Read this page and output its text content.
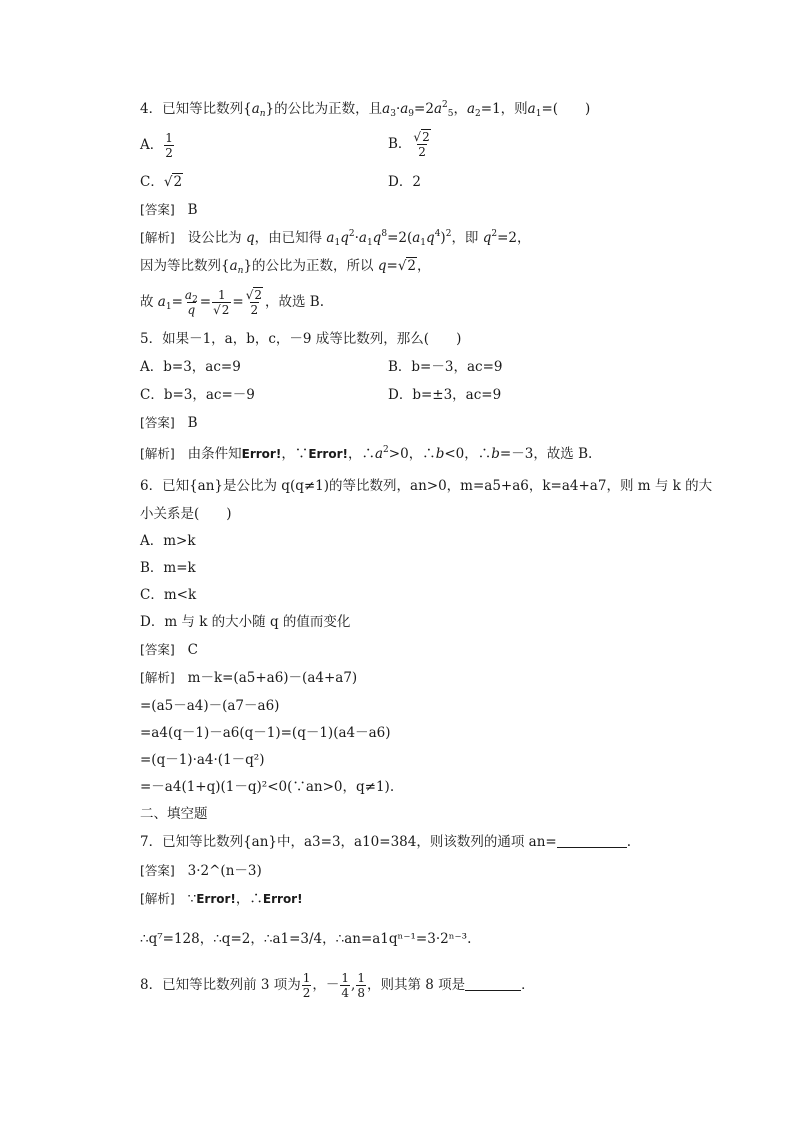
4．已知等比数列$\{a_n\}$的公比为正数，且$a_3\cdot a_9=2a^2_5$，$a_2=1$，则$a_1=$(　　)
A． $\frac{1}{2}$	B． $\frac{√2}{2}$
C．√2	D．2
[答案] B
[解析] 设公比为 q，由已知得 $a_1q^2\cdot a_1q^8=2(a_1q^4)^2$，即 $q^2=2$，
因为等比数列$\{a_n\}$的公比为正数，所以 q=√2，
故 $a_1= \frac{a_2}{q} = \frac{1}{√2} = \frac{√2}{2}$ ，故选 B.
5．如果－1，a，b，c，－9 成等比数列，那么(　　)
A．b=3，ac=9	B．b=－3，ac=9
C．b=3，ac=－9	D．b=±3，ac=9
[答案] B
[解析] 由条件知Error!，∵Error!，$\therefore a^2>0$，∴b<0，∴b=－3，故选 B.
6．已知{an}是公比为 q(q≠1)的等比数列，an>0，m=a5+a6，k=a4+a7，则 m 与 k 的大
小关系是(　　)
A．m>k
B．m=k
C．m<k
D．m 与 k 的大小随 q 的值而变化
[答案] C
[解析] m－k=(a5+a6)－(a4+a7)
=(a5－a4)－(a7－a6)
=a4(q－1)－a6(q－1)=(q－1)(a4－a6)
=(q－1)·a4·(1－q²)
=－a4(1+q)(1－q)²<0(∵an>0，q≠1).
二、填空题
7．已知等比数列{an}中，a3=3，a10=384，则该数列的通项 an=	.
[答案] 3·2^(n－3)
[解析] ∵Error!，∴Error!
∴q⁷=128，∴q=2，∴a1=3/4，∴an=a1qⁿ⁻¹=3·2ⁿ⁻³.
8．已知等比数列前 3 项为 $\frac{1}{2}$ ，－ $\frac{1}{4}$ , $\frac{1}{8}$ ，则其第 8 项是	．
